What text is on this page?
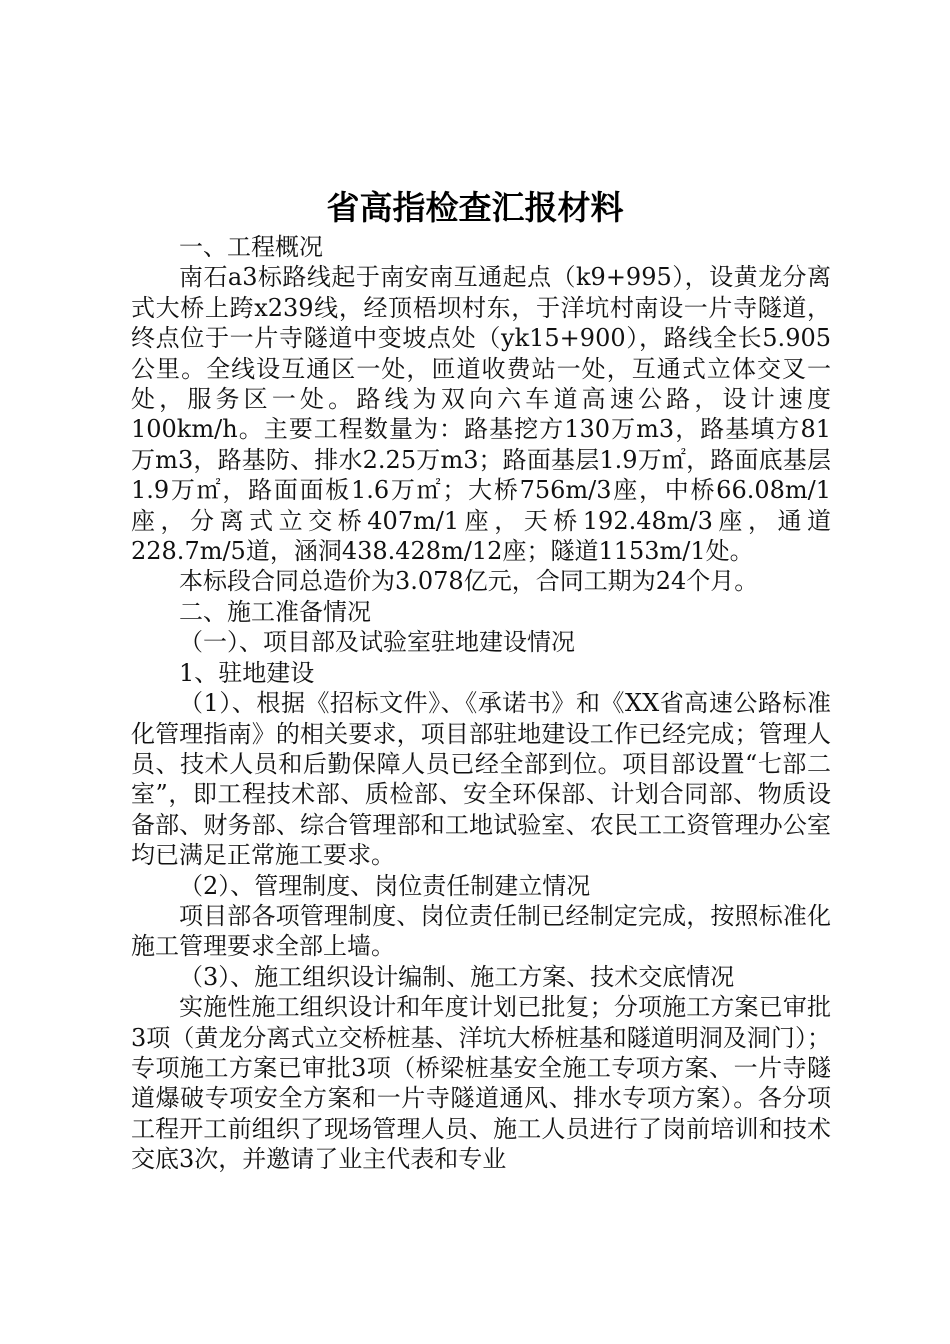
省高指检查汇报材料

一、工程概况

南石a3标路线起于南安南互通起点（k9+995），设黄龙分离式大桥上跨x239线，经顶梧坝村东，于洋坑村南设一片寺隧道，终点位于一片寺隧道中变坡点处（yk15+900），路线全长5.905公里。全线设互通区一处，匝道收费站一处，互通式立体交叉一处，服务区一处。路线为双向六车道高速公路，设计速度100km/h。主要工程数量为：路基挖方130万m3，路基填方81万m3，路基防、排水2.25万m3；路面基层1.9万㎡，路面底基层1.9万㎡，路面面板1.6万㎡；大桥756m/3座，中桥66.08m/1座，分离式立交桥407m/1座，天桥192.48m/3座，通道228.7m/5道，涵洞438.428m/12座；隧道1153m/1处。

本标段合同总造价为3.078亿元，合同工期为24个月。

二、施工准备情况

（一）、项目部及试验室驻地建设情况

1、驻地建设

（1）、根据《招标文件》、《承诺书》和《XX省高速公路标准化管理指南》的相关要求，项目部驻地建设工作已经完成；管理人员、技术人员和后勤保障人员已经全部到位。项目部设置“七部二室”，即工程技术部、质检部、安全环保部、计划合同部、物质设备部、财务部、综合管理部和工地试验室、农民工工资管理办公室均已满足正常施工要求。

（2）、管理制度、岗位责任制建立情况

项目部各项管理制度、岗位责任制已经制定完成，按照标准化施工管理要求全部上墙。

（3）、施工组织设计编制、施工方案、技术交底情况

实施性施工组织设计和年度计划已批复；分项施工方案已审批3项（黄龙分离式立交桥桩基、洋坑大桥桩基和隧道明洞及洞门）；专项施工方案已审批3项（桥梁桩基安全施工专项方案、一片寺隧道爆破专项安全方案和一片寺隧道通风、排水专项方案）。各分项工程开工前组织了现场管理人员、施工人员进行了岗前培训和技术交底3次，并邀请了业主代表和专业
